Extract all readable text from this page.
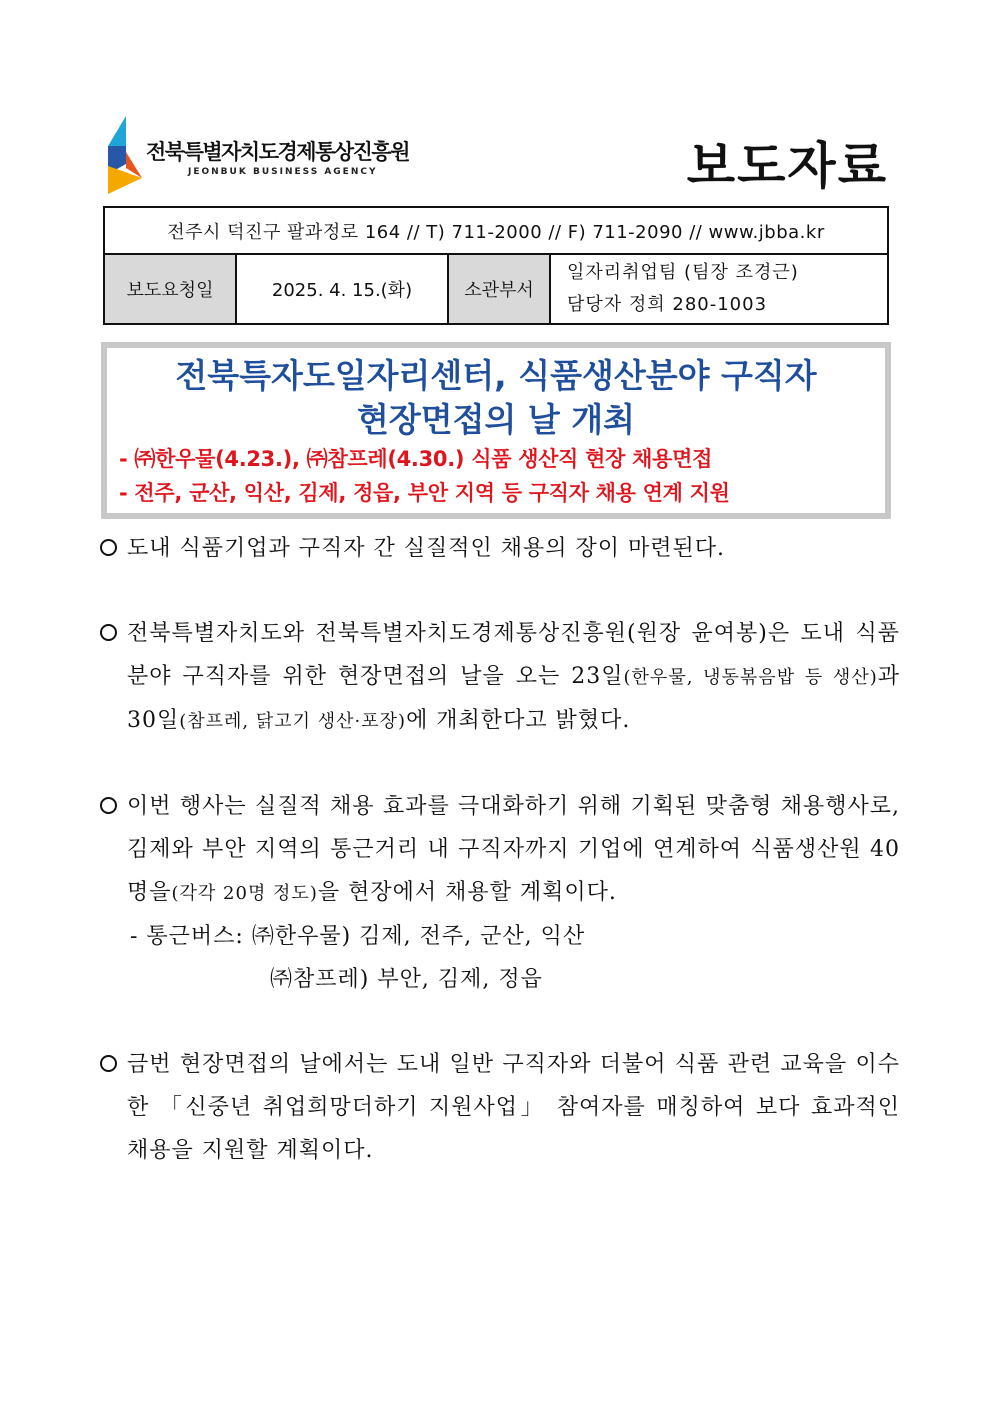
전북특별자치도경제통상진흥원
JEONBUK BUSINESS AGENCY	보도자료
전주시 덕진구 팔과정로 164 // T) 711-2000 // F) 711-2090 // www.jbba.kr
보도요청일	2025. 4. 15.(화)	소관부서	
일자리취업팀 (팀장 조경근)
담당자 정희 280-1003
전북특자도일자리센터, 식품생산분야 구직자
현장면접의 날 개최
- ㈜한우물(4.23.), ㈜참프레(4.30.) 식품 생산직 현장 채용면접
- 전주, 군산, 익산, 김제, 정읍, 부안 지역 등 구직자 채용 연계 지원
도내 식품기업과 구직자 간 실질적인 채용의 장이 마련된다.
전북특별자치도와 전북특별자치도경제통상진흥원(원장 윤여봉)은 도내 식품 분야 구직자를 위한 현장면접의 날을 오는 23일(한우물, 냉동볶음밥 등 생산)과 30일(참프레, 닭고기 생산·포장)에 개최한다고 밝혔다.
이번 행사는 실질적 채용 효과를 극대화하기 위해 기획된 맞춤형 채용행사로, 김제와 부안 지역의 통근거리 내 구직자까지 기업에 연계하여 식품생산원 40명을(각각 20명 정도)을 현장에서 채용할 계획이다.
- 통근버스: ㈜한우물) 김제, 전주, 군산, 익산
㈜참프레) 부안, 김제, 정읍
금번 현장면접의 날에서는 도내 일반 구직자와 더불어 식품 관련 교육을 이수한 「신중년 취업희망더하기 지원사업」 참여자를 매칭하여 보다 효과적인 채용을 지원할 계획이다.
